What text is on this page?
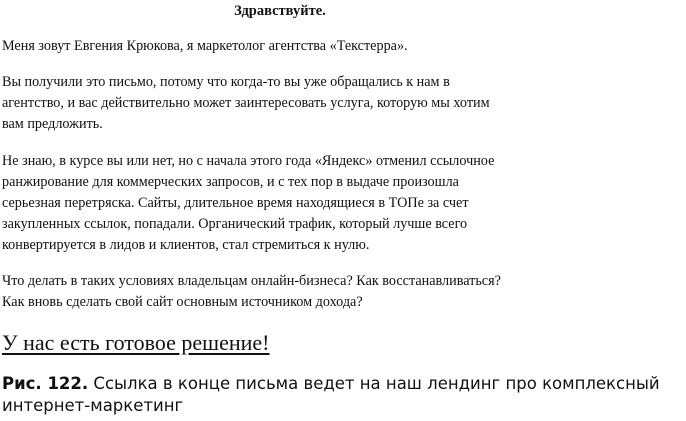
Здравствуйте.

Меня зовут Евгения Крюкова, я маркетолог агентства «Текстерра».

Вы получили это письмо, потому что когда-то вы уже обращались к нам в
агентство, и вас действительно может заинтересовать услуга, которую мы хотим
вам предложить.

Не знаю, в курсе вы или нет, но с начала этого года «Яндекс» отменил ссылочное
ранжирование для коммерческих запросов, и с тех пор в выдаче произошла
серьезная перетряска. Сайты, длительное время находящиеся в ТОПе за счет
закупленных ссылок, попадали. Органический трафик, который лучше всего
конвертируется в лидов и клиентов, стал стремиться к нулю.

Что делать в таких условиях владельцам онлайн-бизнеса? Как восстанавливаться?
Как вновь сделать свой сайт основным источником дохода?

У нас есть готовое решение!
Рис. 122. Ссылка в конце письма ведет на наш лендинг про комплексный интернет-маркетинг
